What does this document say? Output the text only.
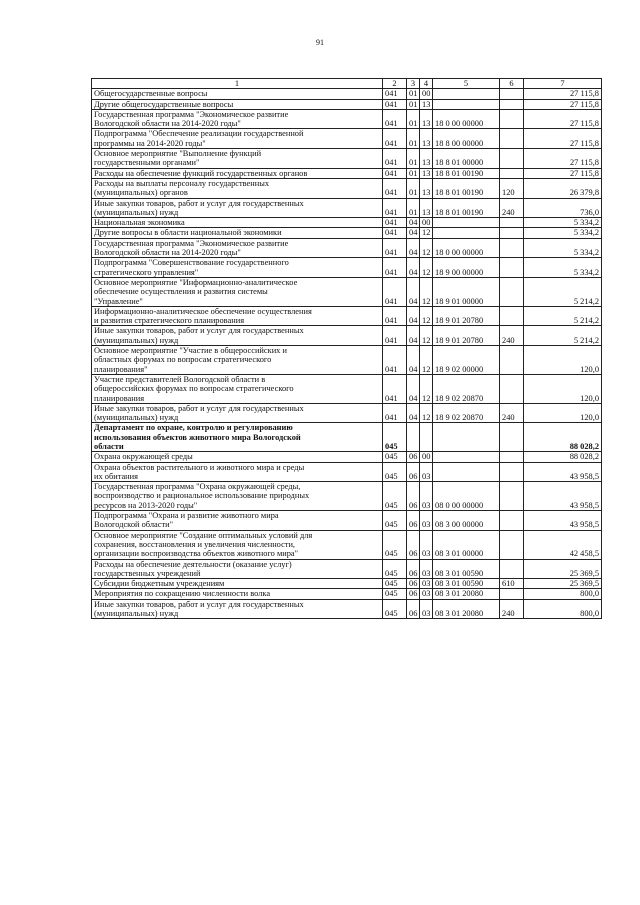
91
1	2	3	4	5	6	7
Общегосударственные вопросы	041	01	00			27 115,8
Другие общегосударственные вопросы	041	01	13			27 115,8
Государственная программа "Экономическое развитие
Вологодской области на 2014-2020 годы"	041	01	13	18 0 00 00000		27 115,8
Подпрограмма "Обеспечение реализации государственной
программы на 2014-2020 годы"	041	01	13	18 8 00 00000		27 115,8
Основное мероприятие "Выполнение функций
государственными органами"	041	01	13	18 8 01 00000		27 115,8
Расходы на обеспечение функций государственных органов	041	01	13	18 8 01 00190		27 115,8
Расходы на выплаты персоналу государственных
(муниципальных) органов	041	01	13	18 8 01 00190	120	26 379,8
Иные закупки товаров, работ и услуг для государственных
(муниципальных) нужд	041	01	13	18 8 01 00190	240	736,0
Национальная экономика	041	04	00			5 334,2
Другие вопросы в области национальной экономики	041	04	12			5 334,2
Государственная программа "Экономическое развитие
Вологодской области на 2014-2020 годы"	041	04	12	18 0 00 00000		5 334,2
Подпрограмма "Совершенствование государственного
стратегического управления"	041	04	12	18 9 00 00000		5 334,2
Основное мероприятие "Информационно-аналитическое
обеспечение осуществления и развития системы
"Управление"	041	04	12	18 9 01 00000		5 214,2
Информационно-аналитическое обеспечение осуществления
и развития стратегического планирования	041	04	12	18 9 01 20780		5 214,2
Иные закупки товаров, работ и услуг для государственных
(муниципальных) нужд	041	04	12	18 9 01 20780	240	5 214,2
Основное мероприятие "Участие в общероссийских и
областных форумах по вопросам стратегического
планирования"	041	04	12	18 9 02 00000		120,0
Участие представителей Вологодской области в
общероссийских форумах по вопросам стратегического
планирования	041	04	12	18 9 02 20870		120,0
Иные закупки товаров, работ и услуг для государственных
(муниципальных) нужд	041	04	12	18 9 02 20870	240	120,0
Департамент по охране, контролю и регулированию
использования объектов животного мира Вологодской
области	045					88 028,2
Охрана окружающей среды	045	06	00			88 028,2
Охрана объектов растительного и животного мира и среды
их обитания	045	06	03			43 958,5
Государственная программа "Охрана окружающей среды,
воспроизводство и рациональное использование природных
ресурсов на 2013-2020 годы"	045	06	03	08 0 00 00000		43 958,5
Подпрограмма "Охрана и развитие животного мира
Вологодской области"	045	06	03	08 3 00 00000		43 958,5
Основное мероприятие "Создание оптимальных условий для
сохранения, восстановления и увеличения численности,
организации воспроизводства объектов животного мира"	045	06	03	08 3 01 00000		42 458,5
Расходы на обеспечение деятельности (оказание услуг)
государственных учреждений	045	06	03	08 3 01 00590		25 369,5
Субсидии бюджетным учреждениям	045	06	03	08 3 01 00590	610	25 369,5
Мероприятия по сокращению численности волка	045	06	03	08 3 01 20080		800,0
Иные закупки товаров, работ и услуг для государственных
(муниципальных) нужд	045	06	03	08 3 01 20080	240	800,0
